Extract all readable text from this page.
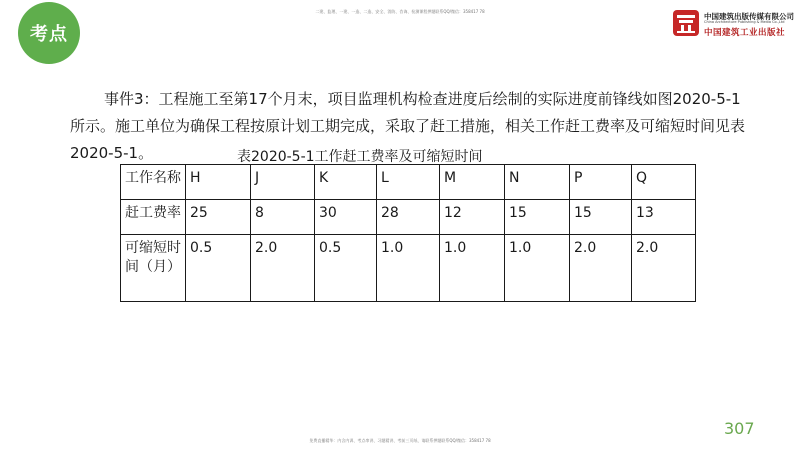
考点
二建、监理、一建、一造、二造、安全、消防、咨询、检测课程押题联系QQ/微信：358417 78
中国建筑出版传媒有限公司
China Architecture Publishing & Media Co.,Ltd
中国建筑工业出版社

事件3：工程施工至第17个月末，项目监理机构检查进度后绘制的实际进度前锋线如图2020-5-1
所示。施工单位为确保工程按原计划工期完成，采取了赶工措施，相关工作赶工费率及可缩短时间见表
2020-5-1。	表2020-5-1工作赶工费率及可缩短时间
工作名称	H	J	K	L	M	N	P	Q
赶工费率	25	8	30	28	12	15	15	13
可缩短时间（月）	0.5	2.0	0.5	1.0	1.0	1.0	2.0	2.0
307
免费直播精华：内含内训、考点串讲、习题精讲、考前三页纸、请联系押题联系QQ/微信：358417 78
